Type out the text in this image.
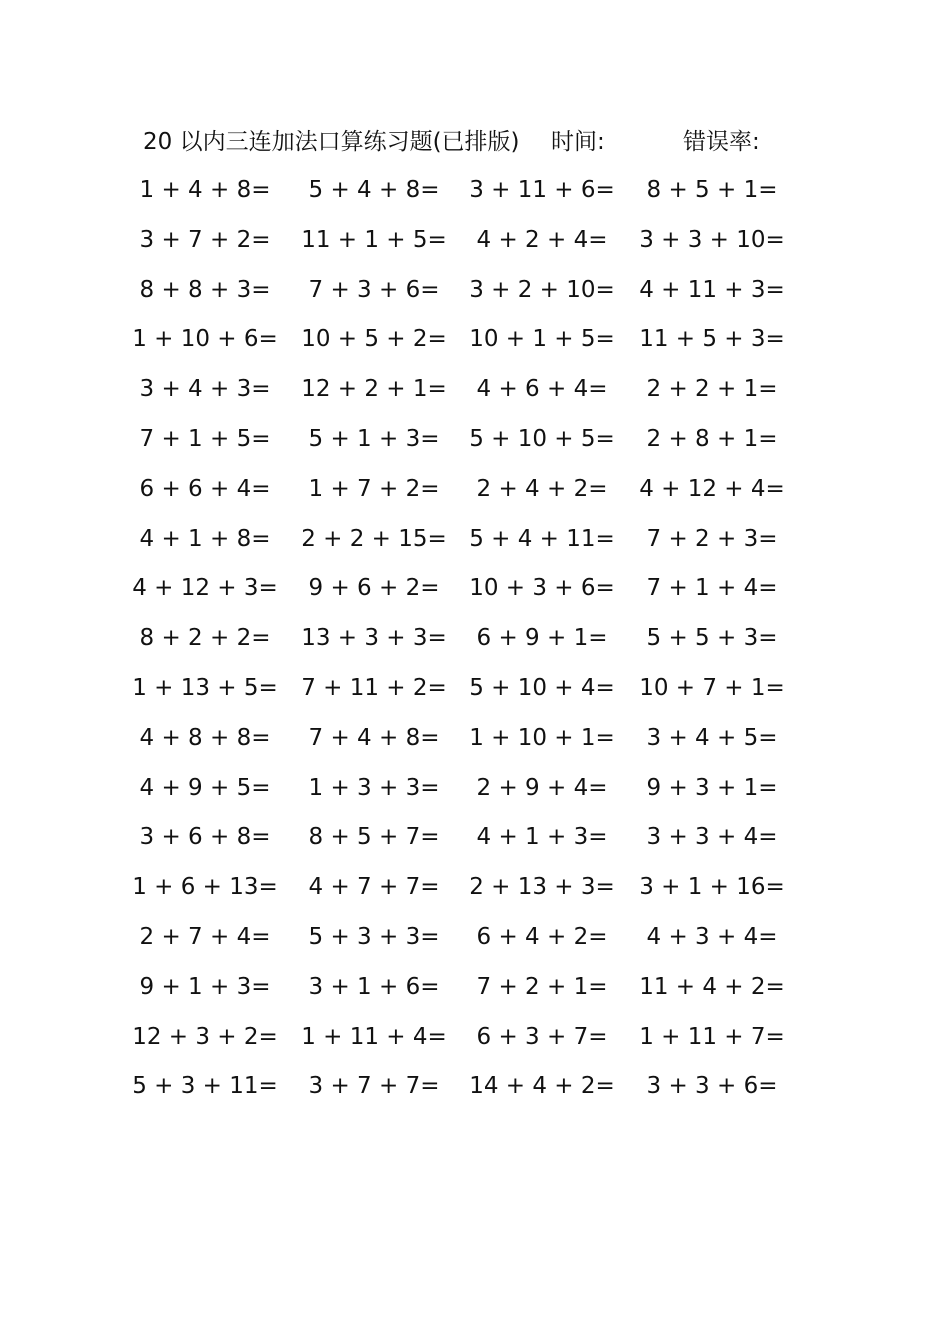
20 以内三连加法口算练习题(已排版) 时间:	错误率:
1 + 4 + 8=	5 + 4 + 8=	3 + 11 + 6=	8 + 5 + 1=
3 + 7 + 2=	11 + 1 + 5=	4 + 2 + 4=	3 + 3 + 10=
8 + 8 + 3=	7 + 3 + 6=	3 + 2 + 10=	4 + 11 + 3=
1 + 10 + 6=	10 + 5 + 2= 10 + 1 + 5=	11 + 5 + 3=
3 + 4 + 3=	12 + 2 + 1=	4 + 6 + 4=	2 + 2 + 1=
7 + 1 + 5=	5 + 1 + 3=	5 + 10 + 5=	2 + 8 + 1=
6 + 6 + 4=	1 + 7 + 2=	2 + 4 + 2=	4 + 12 + 4=
4 + 1 + 8=	2 + 2 + 15= 5 + 4 + 11=	7 + 2 + 3=
4 + 12 + 3=	9 + 6 + 2=	10 + 3 + 6=	7 + 1 + 4=
8 + 2 + 2=	13 + 3 + 3=	6 + 9 + 1=	5 + 5 + 3=
1 + 13 + 5=	7 + 11 + 2= 5 + 10 + 4=	10 + 7 + 1=
4 + 8 + 8=	7 + 4 + 8=	1 + 10 + 1=	3 + 4 + 5=
4 + 9 + 5=	1 + 3 + 3=	2 + 9 + 4=	9 + 3 + 1=
3 + 6 + 8=	8 + 5 + 7=	4 + 1 + 3=	3 + 3 + 4=
1 + 6 + 13=	4 + 7 + 7=	2 + 13 + 3=	3 + 1 + 16=
2 + 7 + 4=	5 + 3 + 3=	6 + 4 + 2=	4 + 3 + 4=
9 + 1 + 3=	3 + 1 + 6=	7 + 2 + 1=	11 + 4 + 2=
12 + 3 + 2=	1 + 11 + 4=	6 + 3 + 7=	1 + 11 + 7=
5 + 3 + 11=	3 + 7 + 7=	14 + 4 + 2=	3 + 3 + 6=
